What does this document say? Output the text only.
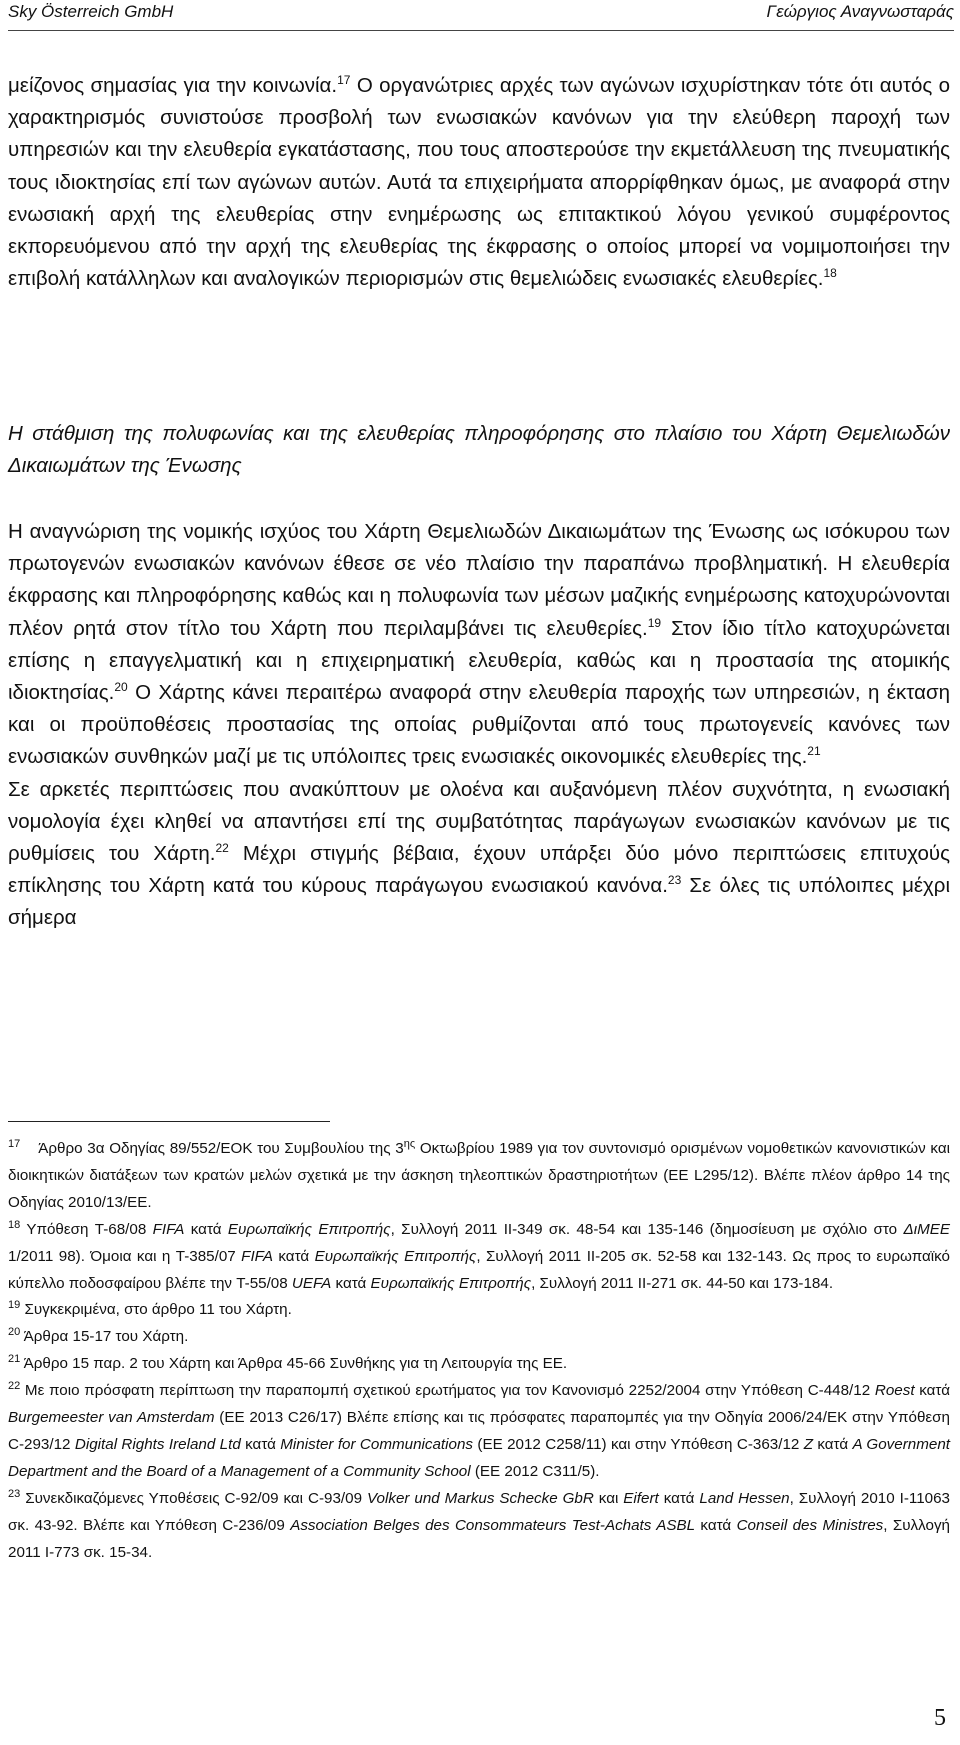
Sky Österreich GmbH	Γεώργιος Αναγνωσταράς

μείζονος σημασίας για την κοινωνία.$^{17}$ Ο οργανώτριες αρχές των αγώνων ισχυρίστηκαν τότε ότι αυτός ο χαρακτηρισμός συνιστούσε προσβολή των ενωσιακών κανόνων για την ελεύθερη παροχή των υπηρεσιών και την ελευθερία εγκατάστασης, που τους αποστερούσε την εκμετάλλευση της πνευματικής τους ιδιοκτησίας επί των αγώνων αυτών. Αυτά τα επιχειρήματα απορρίφθηκαν όμως, με αναφορά στην ενωσιακή αρχή της ελευθερίας στην ενημέρωσης ως επιτακτικού λόγου γενικού συμφέροντος εκπορευόμενου από την αρχή της ελευθερίας της έκφρασης ο οποίος μπορεί να νομιμοποιήσει την επιβολή κατάλληλων και αναλογικών περιορισμών στις θεμελιώδεις ενωσιακές ελευθερίες.$^{18}$

Η στάθμιση της πολυφωνίας και της ελευθερίας πληροφόρησης στο πλαίσιο του Χάρτη Θεμελιωδών Δικαιωμάτων της Ένωσης

Η αναγνώριση της νομικής ισχύος του Χάρτη Θεμελιωδών Δικαιωμάτων της Ένωσης ως ισόκυρου των πρωτογενών ενωσιακών κανόνων έθεσε σε νέο πλαίσιο την παραπάνω προβληματική. Η ελευθερία έκφρασης και πληροφόρησης καθώς και η πολυφωνία των μέσων μαζικής ενημέρωσης κατοχυρώνονται πλέον ρητά στον τίτλο του Χάρτη που περιλαμβάνει τις ελευθερίες.$^{19}$ Στον ίδιο τίτλο κατοχυρώνεται επίσης η επαγγελματική και η επιχειρηματική ελευθερία, καθώς και η προστασία της ατομικής ιδιοκτησίας.$^{20}$ Ο Χάρτης κάνει περαιτέρω αναφορά στην ελευθερία παροχής των υπηρεσιών, η έκταση και οι προϋποθέσεις προστασίας της οποίας ρυθμίζονται από τους πρωτογενείς κανόνες των ενωσιακών συνθηκών μαζί με τις υπόλοιπες τρεις ενωσιακές οικονομικές ελευθερίες της.$^{21}$
Σε αρκετές περιπτώσεις που ανακύπτουν με ολοένα και αυξανόμενη πλέον συχνότητα, η ενωσιακή νομολογία έχει κληθεί να απαντήσει επί της συμβατότητας παράγωγων ενωσιακών κανόνων με τις ρυθμίσεις του Χάρτη.$^{22}$ Μέχρι στιγμής βέβαια, έχουν υπάρξει δύο μόνο περιπτώσεις επιτυχούς επίκλησης του Χάρτη κατά του κύρους παράγωγου ενωσιακού κανόνα.$^{23}$ Σε όλες τις υπόλοιπες μέχρι σήμερα

$^{17}$ Άρθρο 3α Οδηγίας 89/552/ΕΟΚ του Συμβουλίου της $3^{\eta\varsigma}$ Οκτωβρίου 1989 για τον συντονισμό ορισμένων νομοθετικών κανονιστικών και διοικητικών διατάξεων των κρατών μελών σχετικά με την άσκηση τηλεοπτικών δραστηριοτήτων (ΕΕ L295/12). Βλέπε πλέον άρθρο 14 της Οδηγίας 2010/13/ΕΕ.

$^{18}$ Υπόθεση T-68/08 FIFA κατά Ευρωπαϊκής Επιτροπής, Συλλογή 2011 II-349 σκ. 48-54 και 135-146 (δημοσίευση με σχόλιο στο ΔιΜΕΕ 1/2011 98). Όμοια και η T-385/07 FIFA κατά Ευρωπαϊκής Επιτροπής, Συλλογή 2011 II-205 σκ. 52-58 και 132-143. Ως προς το ευρωπαϊκό κύπελλο ποδοσφαίρου βλέπε την T-55/08 UEFA κατά Ευρωπαϊκής Επιτροπής, Συλλογή 2011 II-271 σκ. 44-50 και 173-184.

$^{19}$ Συγκεκριμένα, στο άρθρο 11 του Χάρτη.

$^{20}$ Άρθρα 15-17 του Χάρτη.

$^{21}$ Άρθρο 15 παρ. 2 του Χάρτη και Άρθρα 45-66 Συνθήκης για τη Λειτουργία της ΕΕ.

$^{22}$ Με ποιο πρόσφατη περίπτωση την παραπομπή σχετικού ερωτήματος για τον Κανονισμό 2252/2004 στην Υπόθεση C-448/12 Roest κατά Burgemeester van Amsterdam (ΕΕ 2013 C26/17) Βλέπε επίσης και τις πρόσφατες παραπομπές για την Οδηγία 2006/24/ΕΚ στην Υπόθεση C-293/12 Digital Rights Ireland Ltd κατά Minister for Communications (ΕΕ 2012 C258/11) και στην Υπόθεση C-363/12 Z κατά A Government Department and the Board of a Management of a Community School (ΕΕ 2012 C311/5).

$^{23}$ Συνεκδικαζόμενες Υποθέσεις C-92/09 και C-93/09 Volker und Markus Schecke GbR και Eifert κατά Land Hessen, Συλλογή 2010 I-11063 σκ. 43-92. Βλέπε και Υπόθεση C-236/09 Association Belges des Consommateurs Test-Achats ASBL κατά Conseil des Ministres, Συλλογή 2011 I-773 σκ. 15-34.

5
